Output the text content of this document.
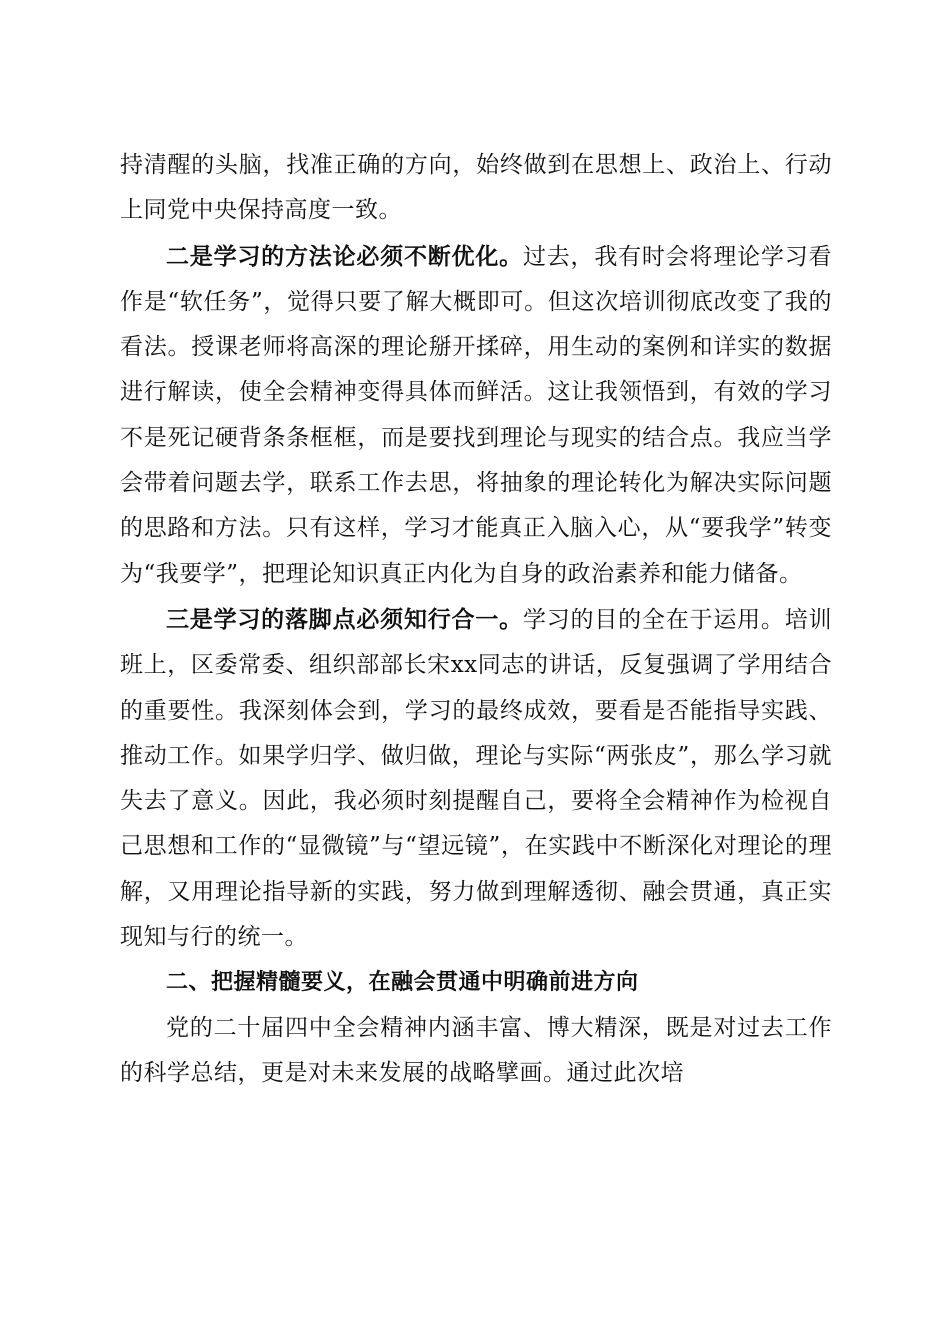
持清醒的头脑，找准正确的方向，始终做到在思想上、政治上、行动上同党中央保持高度一致。

二是学习的方法论必须不断优化。过去，我有时会将理论学习看作是“软任务”，觉得只要了解大概即可。但这次培训彻底改变了我的看法。授课老师将高深的理论掰开揉碎，用生动的案例和详实的数据进行解读，使全会精神变得具体而鲜活。这让我领悟到，有效的学习不是死记硬背条条框框，而是要找到理论与现实的结合点。我应当学会带着问题去学，联系工作去思，将抽象的理论转化为解决实际问题的思路和方法。只有这样，学习才能真正入脑入心，从“要我学”转变为“我要学”，把理论知识真正内化为自身的政治素养和能力储备。

三是学习的落脚点必须知行合一。学习的目的全在于运用。培训班上，区委常委、组织部部长宋xx同志的讲话，反复强调了学用结合的重要性。我深刻体会到，学习的最终成效，要看是否能指导实践、推动工作。如果学归学、做归做，理论与实际“两张皮”，那么学习就失去了意义。因此，我必须时刻提醒自己，要将全会精神作为检视自己思想和工作的“显微镜”与“望远镜”，在实践中不断深化对理论的理解，又用理论指导新的实践，努力做到理解透彻、融会贯通，真正实现知与行的统一。

二、把握精髓要义，在融会贯通中明确前进方向

党的二十届四中全会精神内涵丰富、博大精深，既是对过去工作的科学总结，更是对未来发展的战略擘画。通过此次培
